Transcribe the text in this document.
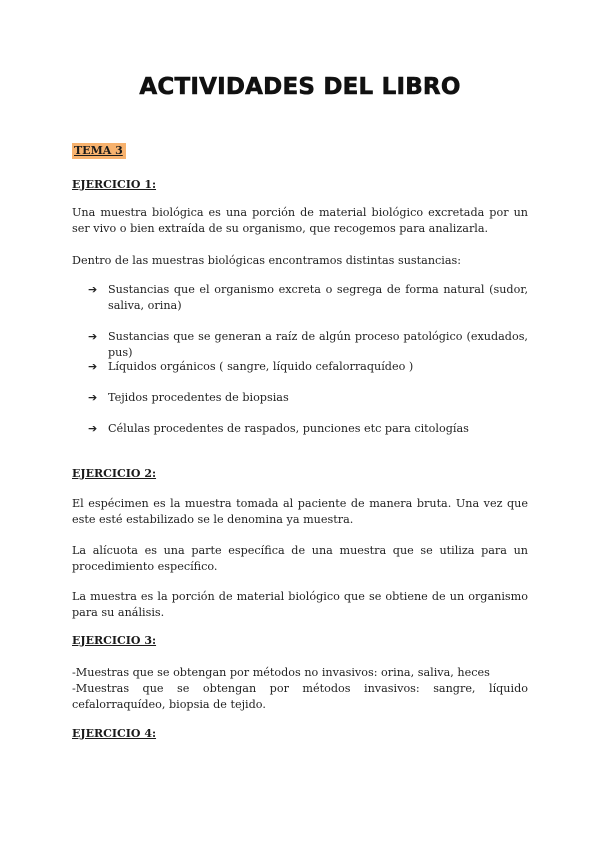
ACTIVIDADES DEL LIBRO
TEMA 3
EJERCICIO 1:
Una muestra biológica es una porción de material biológico excretada por un ser vivo o bien extraída de su organismo, que recogemos para analizarla.
Dentro de las muestras biológicas encontramos distintas sustancias:
➔ Sustancias que el organismo excreta o segrega de forma natural (sudor, saliva, orina)
➔ Sustancias que se generan a raíz de algún proceso patológico (exudados, pus)
➔ Líquidos orgánicos ( sangre, líquido cefalorraquídeo )
➔ Tejidos procedentes de biopsias
➔ Células procedentes de raspados, punciones etc para citologías
EJERCICIO 2:
El espécimen es la muestra tomada al paciente de manera bruta. Una vez que este esté estabilizado se le denomina ya muestra.
La alícuota es una parte específica de una muestra que se utiliza para un procedimiento específico.
La muestra es la porción de material biológico que se obtiene de un organismo para su análisis.
EJERCICIO 3:
-Muestras que se obtengan por métodos no invasivos: orina, saliva, heces
-Muestras que se obtengan por métodos invasivos: sangre, líquido cefalorraquídeo, biopsia de tejido.
EJERCICIO 4:
